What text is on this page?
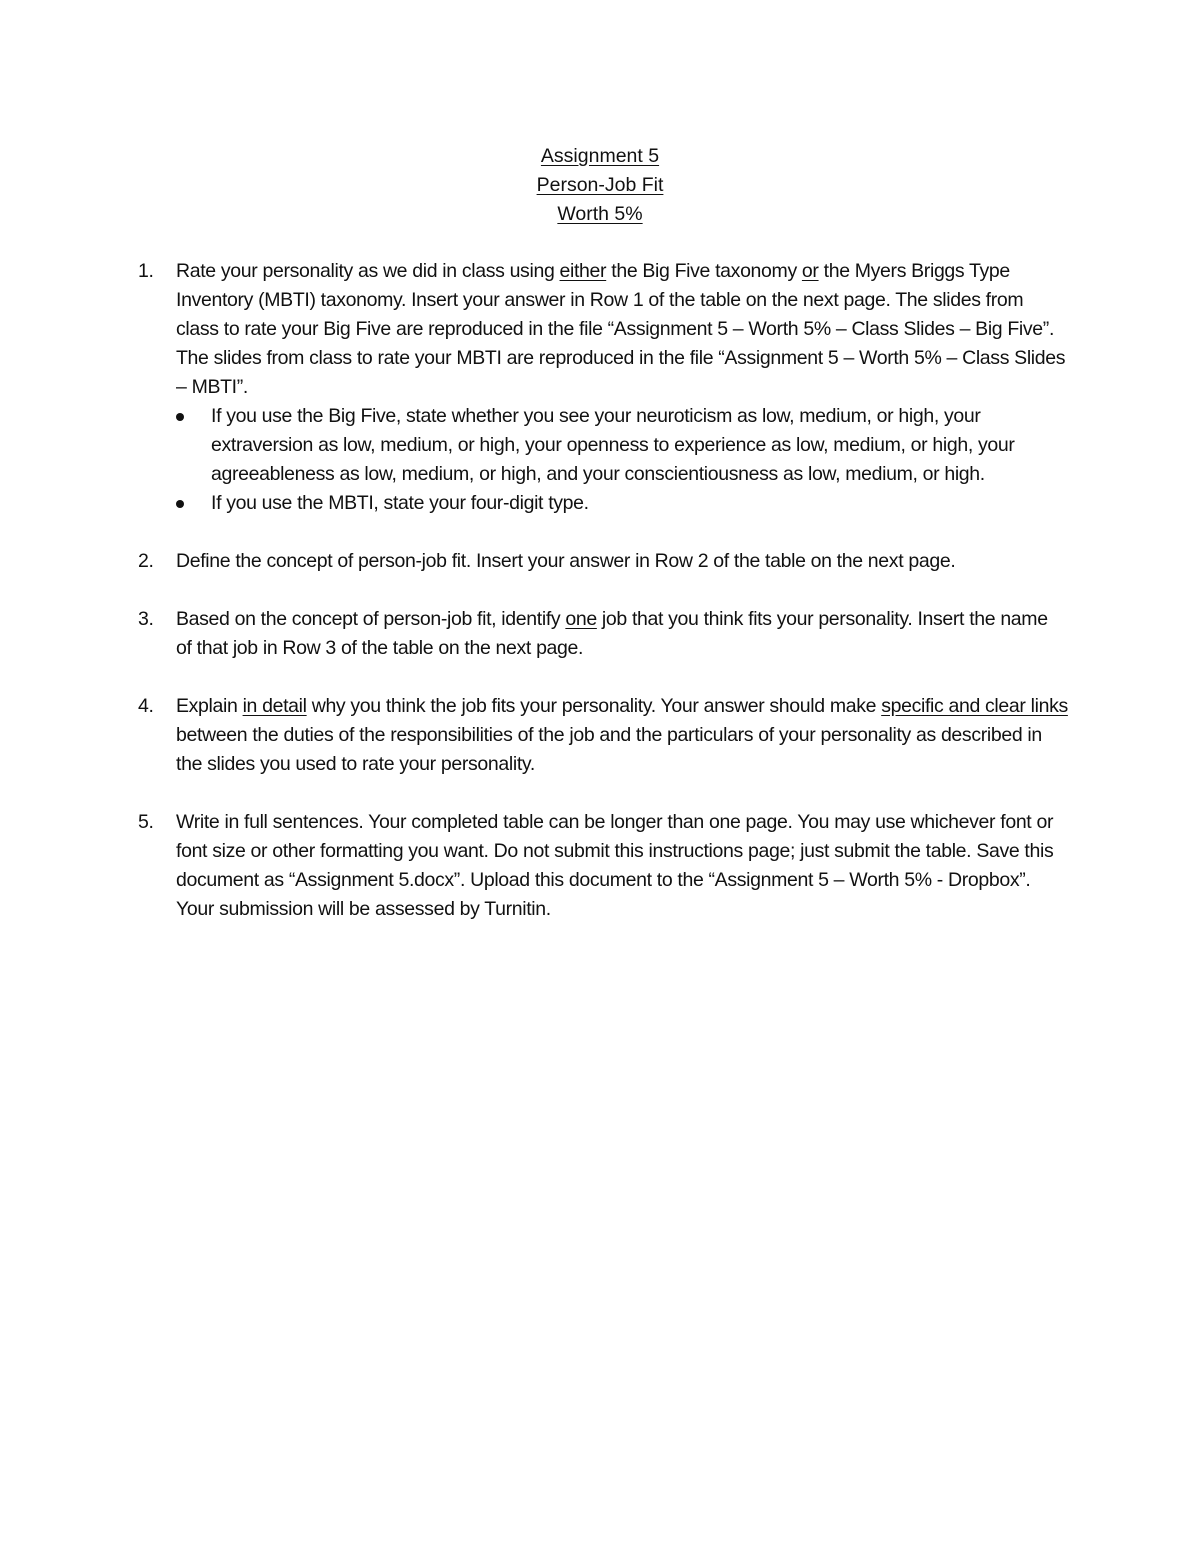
Assignment 5
Person-Job Fit
Worth 5%
1. Rate your personality as we did in class using either the Big Five taxonomy or the Myers Briggs Type Inventory (MBTI) taxonomy. Insert your answer in Row 1 of the table on the next page. The slides from class to rate your Big Five are reproduced in the file “Assignment 5 – Worth 5% – Class Slides – Big Five”. The slides from class to rate your MBTI are reproduced in the file “Assignment 5 – Worth 5% – Class Slides – MBTI”.
If you use the Big Five, state whether you see your neuroticism as low, medium, or high, your extraversion as low, medium, or high, your openness to experience as low, medium, or high, your agreeableness as low, medium, or high, and your conscientiousness as low, medium, or high.
If you use the MBTI, state your four-digit type.
2. Define the concept of person-job fit. Insert your answer in Row 2 of the table on the next page.
3. Based on the concept of person-job fit, identify one job that you think fits your personality. Insert the name of that job in Row 3 of the table on the next page.
4. Explain in detail why you think the job fits your personality. Your answer should make specific and clear links between the duties of the responsibilities of the job and the particulars of your personality as described in the slides you used to rate your personality.
5. Write in full sentences. Your completed table can be longer than one page. You may use whichever font or font size or other formatting you want. Do not submit this instructions page; just submit the table. Save this document as “Assignment 5.docx”. Upload this document to the “Assignment 5 – Worth 5% - Dropbox”. Your submission will be assessed by Turnitin.
